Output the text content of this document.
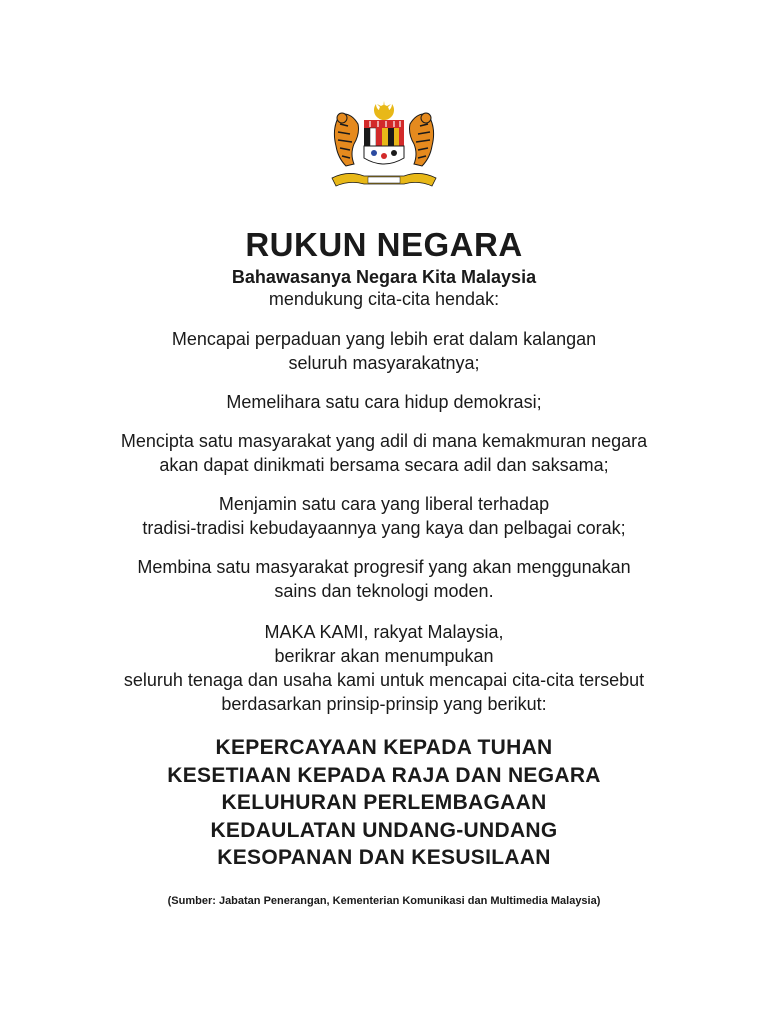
RUKUN NEGARA
Bahawasanya Negara Kita Malaysia
mendukung cita-cita hendak:

Mencapai perpaduan yang lebih erat dalam kalangan
seluruh masyarakatnya;

Memelihara satu cara hidup demokrasi;

Mencipta satu masyarakat yang adil di mana kemakmuran negara
akan dapat dinikmati bersama secara adil dan saksama;

Menjamin satu cara yang liberal terhadap
tradisi-tradisi kebudayaannya yang kaya dan pelbagai corak;

Membina satu masyarakat progresif yang akan menggunakan
sains dan teknologi moden.

MAKA KAMI, rakyat Malaysia,
berikrar akan menumpukan
seluruh tenaga dan usaha kami untuk mencapai cita-cita tersebut
berdasarkan prinsip-prinsip yang berikut:
KEPERCAYAAN KEPADA TUHAN
KESETIAAN KEPADA RAJA DAN NEGARA
KELUHURAN PERLEMBAGAAN
KEDAULATAN UNDANG-UNDANG
KESOPANAN DAN KESUSILAAN
(Sumber: Jabatan Penerangan, Kementerian Komunikasi dan Multimedia Malaysia)
